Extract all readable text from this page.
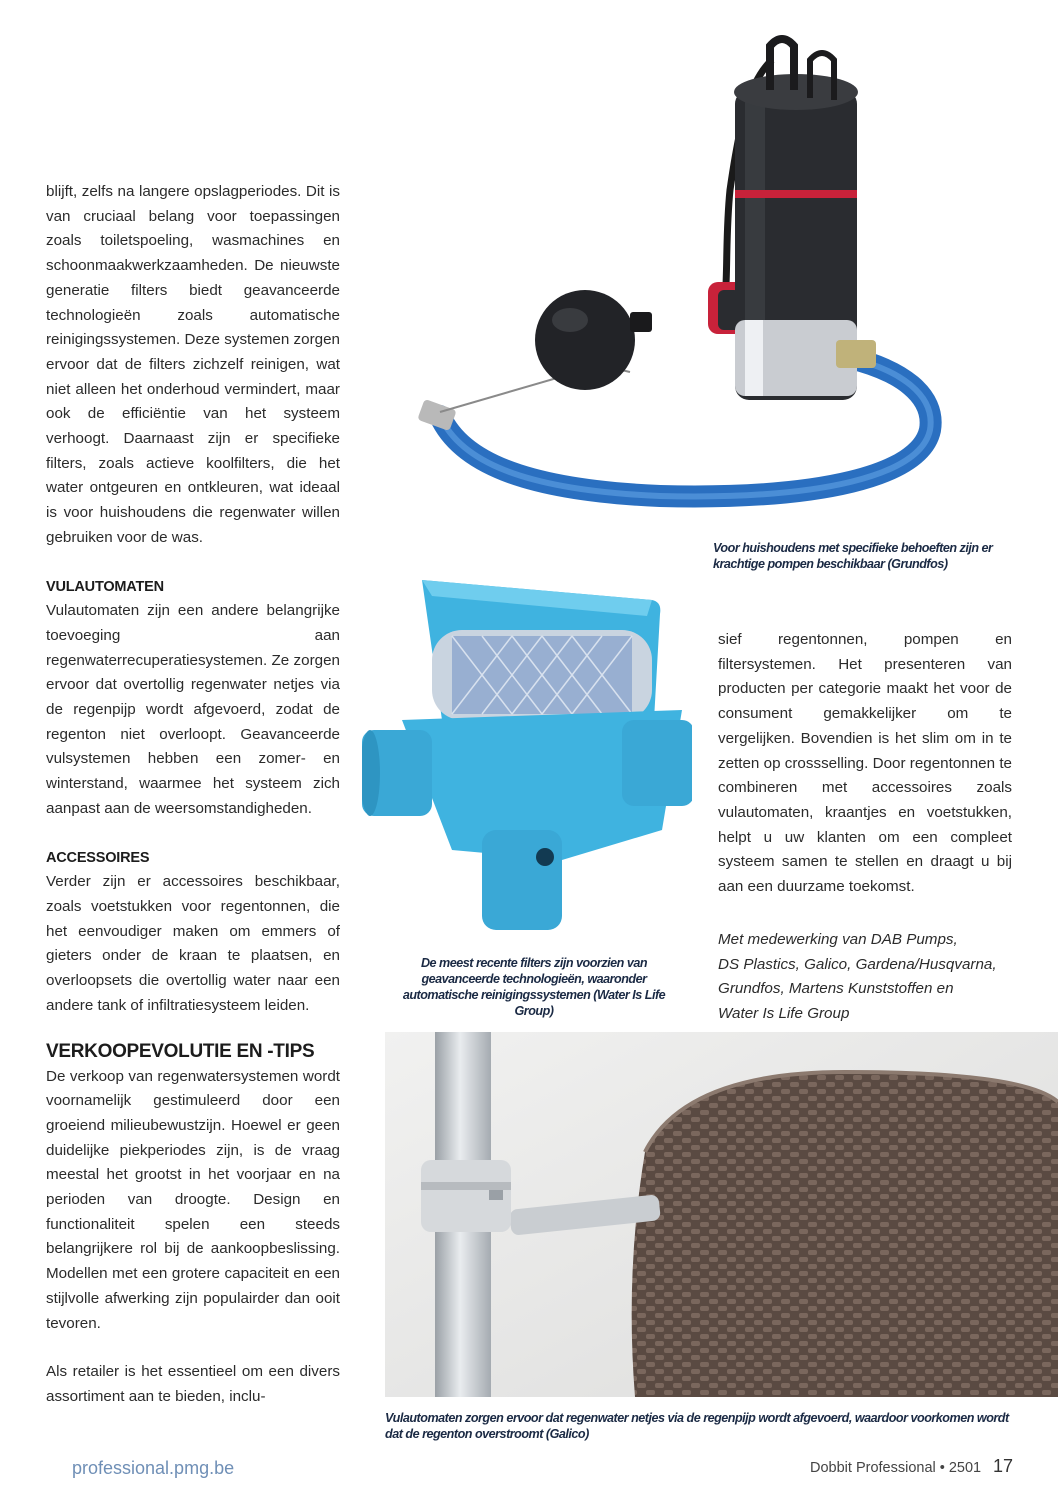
blijft, zelfs na langere opslagperiodes. Dit is van cruciaal belang voor toepassingen zoals toiletspoeling, wasmachines en schoonmaakwerkzaamheden. De nieuwste generatie filters biedt geavanceerde technologieën zoals automatische reinigingssystemen. Deze systemen zorgen ervoor dat de filters zichzelf reinigen, wat niet alleen het onderhoud vermindert, maar ook de efficiëntie van het systeem verhoogt. Daarnaast zijn er specifieke filters, zoals actieve koolfilters, die het water ontgeuren en ontkleuren, wat ideaal is voor huishoudens die regenwater willen gebruiken voor de was.

VULAUTOMATEN

Vulautomaten zijn een andere belangrijke toevoeging aan regenwaterrecuperatiesystemen. Ze zorgen ervoor dat overtollig regenwater netjes via de regenpijp wordt afgevoerd, zodat de regenton niet overloopt. Geavanceerde vulsystemen hebben een zomer- en winterstand, waarmee het systeem zich aanpast aan de weersomstandigheden.

ACCESSOIRES

Verder zijn er accessoires beschikbaar, zoals voetstukken voor regentonnen, die het eenvoudiger maken om emmers of gieters onder de kraan te plaatsen, en overloopsets die overtollig water naar een andere tank of infiltratiesysteem leiden.

VERKOOPEVOLUTIE EN -TIPS

De verkoop van regenwatersystemen wordt voornamelijk gestimuleerd door een groeiend milieubewustzijn. Hoewel er geen duidelijke piekperiodes zijn, is de vraag meestal het grootst in het voorjaar en na perioden van droogte. Design en functionaliteit spelen een steeds belangrijkere rol bij de aankoopbeslissing. Modellen met een grotere capaciteit en een stijlvolle afwerking zijn populairder dan ooit tevoren.

Als retailer is het essentieel om een divers assortiment aan te bieden, inclu-

Voor huishoudens met specifieke behoeften zijn er krachtige pompen beschikbaar (Grundfos)
De meest recente filters zijn voorzien van geavanceerde technologieën, waaronder automatische reinigingssystemen (Water Is Life Group)

sief regentonnen, pompen en filtersystemen. Het presenteren van producten per categorie maakt het voor de consument gemakkelijker om te vergelijken. Bovendien is het slim om in te zetten op crossselling. Door regentonnen te combineren met accessoires zoals vulautomaten, kraantjes en voetstukken, helpt u uw klanten om een compleet systeem samen te stellen en draagt u bij aan een duurzame toekomst.

Met medewerking van DAB Pumps,

DS Plastics, Galico, Gardena/Husqvarna,

Grundfos, Martens Kunststoffen en

Water Is Life Group

Vulautomaten zorgen ervoor dat regenwater netjes via de regenpijp wordt afgevoerd, waardoor voorkomen wordt dat de regenton overstroomt (Galico)
professional.pmg.be	Dobbit Professional • 2501 17
